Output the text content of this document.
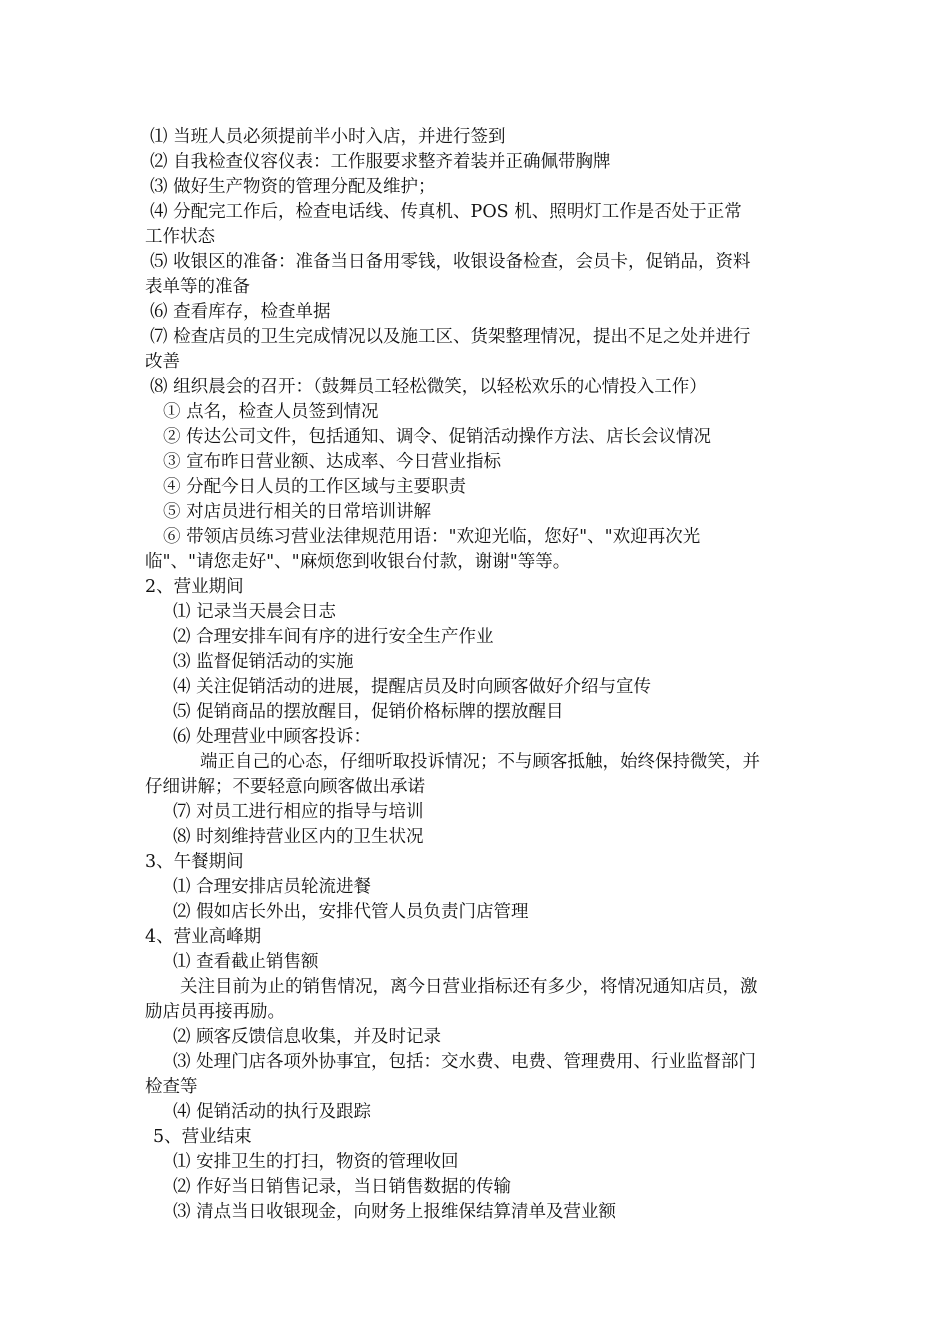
⑴ 当班人员必须提前半小时入店，并进行签到
⑵ 自我检查仪容仪表：工作服要求整齐着装并正确佩带胸牌
⑶ 做好生产物资的管理分配及维护；
⑷ 分配完工作后，检查电话线、传真机、POS 机、照明灯工作是否处于正常
工作状态
⑸ 收银区的准备：准备当日备用零钱，收银设备检查，会员卡，促销品，资料
表单等的准备
⑹ 查看库存，检查单据
⑺ 检查店员的卫生完成情况以及施工区、货架整理情况，提出不足之处并进行
改善
⑻ 组织晨会的召开：（鼓舞员工轻松微笑，以轻松欢乐的心情投入工作）
① 点名，检查人员签到情况
② 传达公司文件，包括通知、调令、促销活动操作方法、店长会议情况
③ 宣布昨日营业额、达成率、今日营业指标
④ 分配今日人员的工作区域与主要职责
⑤ 对店员进行相关的日常培训讲解
⑥ 带领店员练习营业法律规范用语："欢迎光临，您好"、"欢迎再次光
临"、"请您走好"、"麻烦您到收银台付款，谢谢"等等。
2、营业期间
⑴ 记录当天晨会日志
⑵ 合理安排车间有序的进行安全生产作业
⑶ 监督促销活动的实施
⑷ 关注促销活动的进展，提醒店员及时向顾客做好介绍与宣传
⑸ 促销商品的摆放醒目，促销价格标牌的摆放醒目
⑹ 处理营业中顾客投诉：
端正自己的心态，仔细听取投诉情况；不与顾客抵触，始终保持微笑，并
仔细讲解；不要轻意向顾客做出承诺
⑺ 对员工进行相应的指导与培训
⑻ 时刻维持营业区内的卫生状况
3、午餐期间
⑴ 合理安排店员轮流进餐
⑵ 假如店长外出，安排代管人员负责门店管理
4、营业高峰期
⑴ 查看截止销售额
关注目前为止的销售情况，离今日营业指标还有多少，将情况通知店员，激
励店员再接再励。
⑵ 顾客反馈信息收集，并及时记录
⑶ 处理门店各项外协事宜，包括：交水费、电费、管理费用、行业监督部门
检查等
⑷ 促销活动的执行及跟踪
5、营业结束
⑴ 安排卫生的打扫，物资的管理收回
⑵ 作好当日销售记录，当日销售数据的传输
⑶ 清点当日收银现金，向财务上报维保结算清单及营业额
